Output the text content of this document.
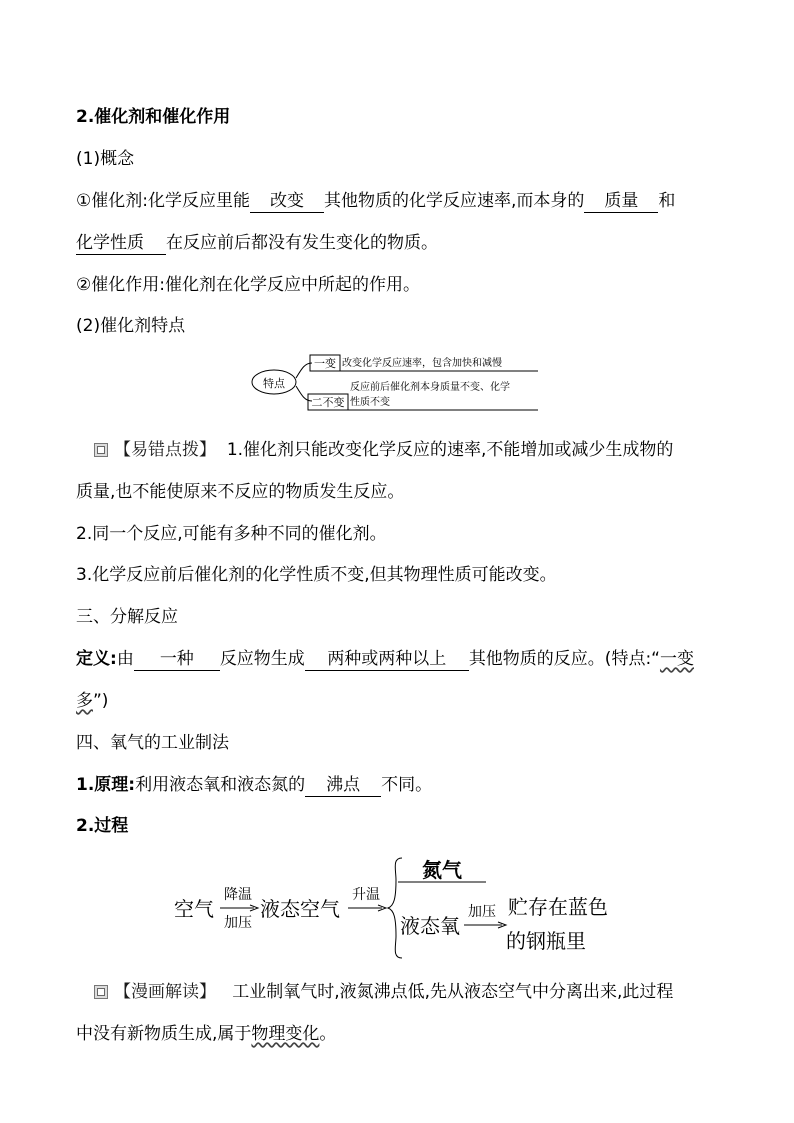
2.催化剂和催化作用
(1)概念
①催化剂:化学反应里能 改变 其他物质的化学反应速率,而本身的 质量 和
化学性质 在反应前后都没有发生变化的物质。
②催化作用:催化剂在化学反应中所起的作用。
(2)催化剂特点
特点
一变 改变化学反应速率，包含加快和减慢
二不变
反应前后催化剂本身质量不变、化学
性质不变
【易错点拨】 1.催化剂只能改变化学反应的速率,不能增加或减少生成物的
质量,也不能使原来不反应的物质发生反应。
2.同一个反应,可能有多种不同的催化剂。
3.化学反应前后催化剂的化学性质不变,但其物理性质可能改变。
三、分解反应
定义:由 一种 反应物生成 两种或两种以上 其他物质的反应。(特点:“一变
多”)
四、氧气的工业制法
1.原理:利用液态氧和液态氮的 沸点 不同。
2.过程
空气
降温
加压
液态空气
升温
氮气
液态氧
加压 贮存在蓝色
的钢瓶里
【漫画解读】 工业制氧气时,液氮沸点低,先从液态空气中分离出来,此过程
中没有新物质生成,属于物理变化。
